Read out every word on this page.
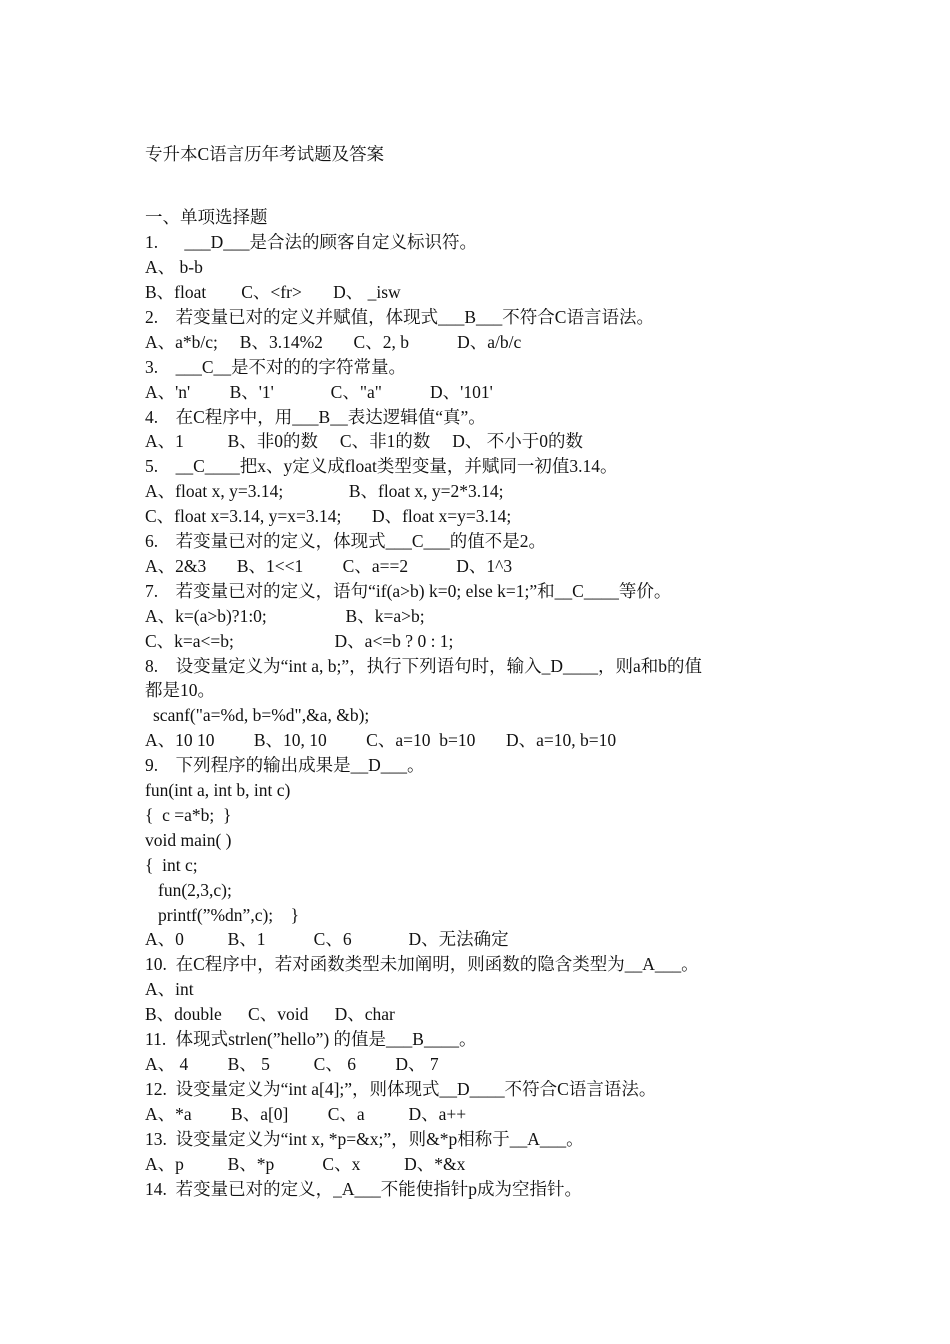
专升本C语言历年考试题及答案
一、单项选择题
1.	___D___是合法的顾客自定义标识符。
A、 b-b
B、float	C、<fr>	D、 _isw
2.	若变量已对的定义并赋值，体现式___B___不符合C语言语法。
A、a*b/c;     B、3.14%2       C、2, b           D、a/b/c
3.	___C__是不对的的字符常量。
A、'n'         B、'1'             C、"a"           D、'101'
4.	在C程序中，用___B__表达逻辑值“真”。
A、1          B、非0的数     C、非1的数     D、 不小于0的数
5.	__C____把x、y定义成float类型变量，并赋同一初值3.14。
A、float x, y=3.14;               B、float x, y=2*3.14;
C、float x=3.14, y=x=3.14;       D、float x=y=3.14;
6.	若变量已对的定义，体现式___C___的值不是2。
A、2&3       B、1<<1         C、a==2           D、1^3
7.	若变量已对的定义，语句“if(a>b) k=0; else k=1;”和__C____等价。
A、k=(a>b)?1:0;                  B、k=a>b;
C、k=a<=b;                       D、a<=b ? 0 : 1;
8.	设变量定义为“int a, b;”，执行下列语句时，输入_D____，则a和b的值
都是10。
scanf("a=%d, b=%d",&a, &b);
A、10 10         B、10, 10         C、a=10  b=10       D、a=10, b=10
9.	下列程序的输出成果是__D___。
fun(int a, int b, int c)
{  c =a*b;  }
void main( )
{  int c;
fun(2,3,c);
printf(”%dn”,c);    }
A、0          B、1           C、6             D、无法确定
10.	在C程序中，若对函数类型未加阐明，则函数的隐含类型为__A___。
A、int
B、double      C、void      D、char
11.	体现式strlen(”hello”) 的值是___B____。
A、 4         B、 5          C、 6         D、 7
12.	设变量定义为“int a[4];”，则体现式__D____不符合C语言语法。
A、*a         B、a[0]         C、a          D、a++
13.	设变量定义为“int x, *p=&x;”，则&*p相称于__A___。
A、p          B、*p           C、x          D、*&x
14.	若变量已对的定义，_A___不能使指针p成为空指针。
